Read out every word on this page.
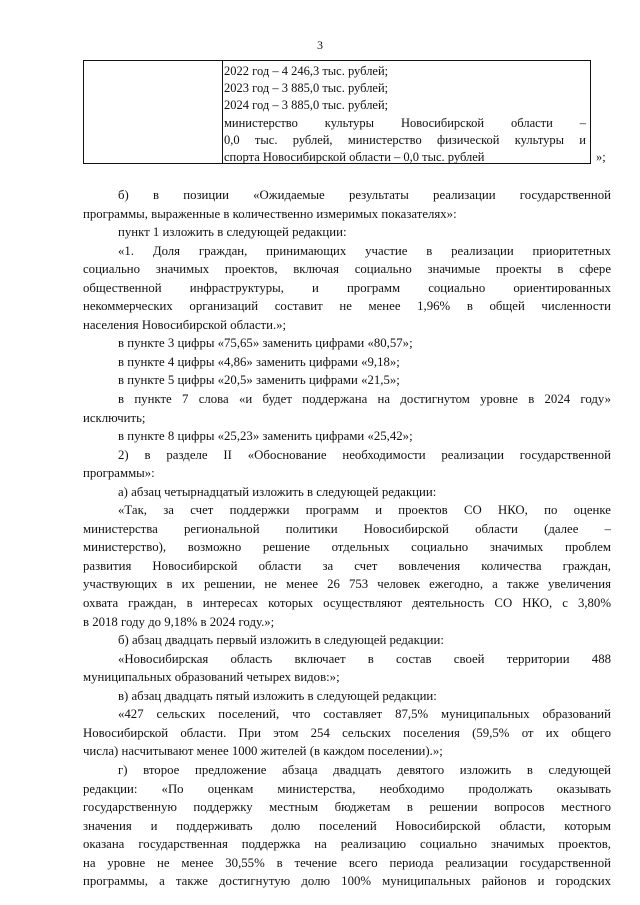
3
2022 год – 4 246,3 тыс. рублей;
2023 год – 3 885,0 тыс. рублей;
2024 год – 3 885,0 тыс. рублей;
министерство культуры Новосибирской области –
0,0 тыс. рублей, министерство физической культуры и
спорта Новосибирской области – 0,0 тыс. рублей	»;
б) в позиции «Ожидаемые результаты реализации государственной
программы, выраженные в количественно измеримых показателях»:
пункт 1 изложить в следующей редакции:
«1. Доля граждан, принимающих участие в реализации приоритетных
социально значимых проектов, включая социально значимые проекты в сфере
общественной инфраструктуры, и программ социально ориентированных
некоммерческих организаций составит не менее 1,96% в общей численности
населения Новосибирской области.»;
в пункте 3 цифры «75,65» заменить цифрами «80,57»;
в пункте 4 цифры «4,86» заменить цифрами «9,18»;
в пункте 5 цифры «20,5» заменить цифрами «21,5»;
в пункте 7 слова «и будет поддержана на достигнутом уровне в 2024 году»
исключить;
в пункте 8 цифры «25,23» заменить цифрами «25,42»;
2) в разделе II «Обоснование необходимости реализации государственной
программы»:
а) абзац четырнадцатый изложить в следующей редакции:
«Так, за счет поддержки программ и проектов СО НКО, по оценке
министерства региональной политики Новосибирской области (далее –
министерство), возможно решение отдельных социально значимых проблем
развития Новосибирской области за счет вовлечения количества граждан,
участвующих в их решении, не менее 26 753 человек ежегодно, а также увеличения
охвата граждан, в интересах которых осуществляют деятельность СО НКО, с 3,80%
в 2018 году до 9,18% в 2024 году.»;
б) абзац двадцать первый изложить в следующей редакции:
«Новосибирская область включает в состав своей территории 488
муниципальных образований четырех видов:»;
в) абзац двадцать пятый изложить в следующей редакции:
«427 сельских поселений, что составляет 87,5% муниципальных образований
Новосибирской области. При этом 254 сельских поселения (59,5% от их общего
числа) насчитывают менее 1000 жителей (в каждом поселении).»;
г) второе предложение абзаца двадцать девятого изложить в следующей
редакции: «По оценкам министерства, необходимо продолжать оказывать
государственную поддержку местным бюджетам в решении вопросов местного
значения и поддерживать долю поселений Новосибирской области, которым
оказана государственная поддержка на реализацию социально значимых проектов,
на уровне не менее 30,55% в течение всего периода реализации государственной
программы, а также достигнутую долю 100% муниципальных районов и городских
